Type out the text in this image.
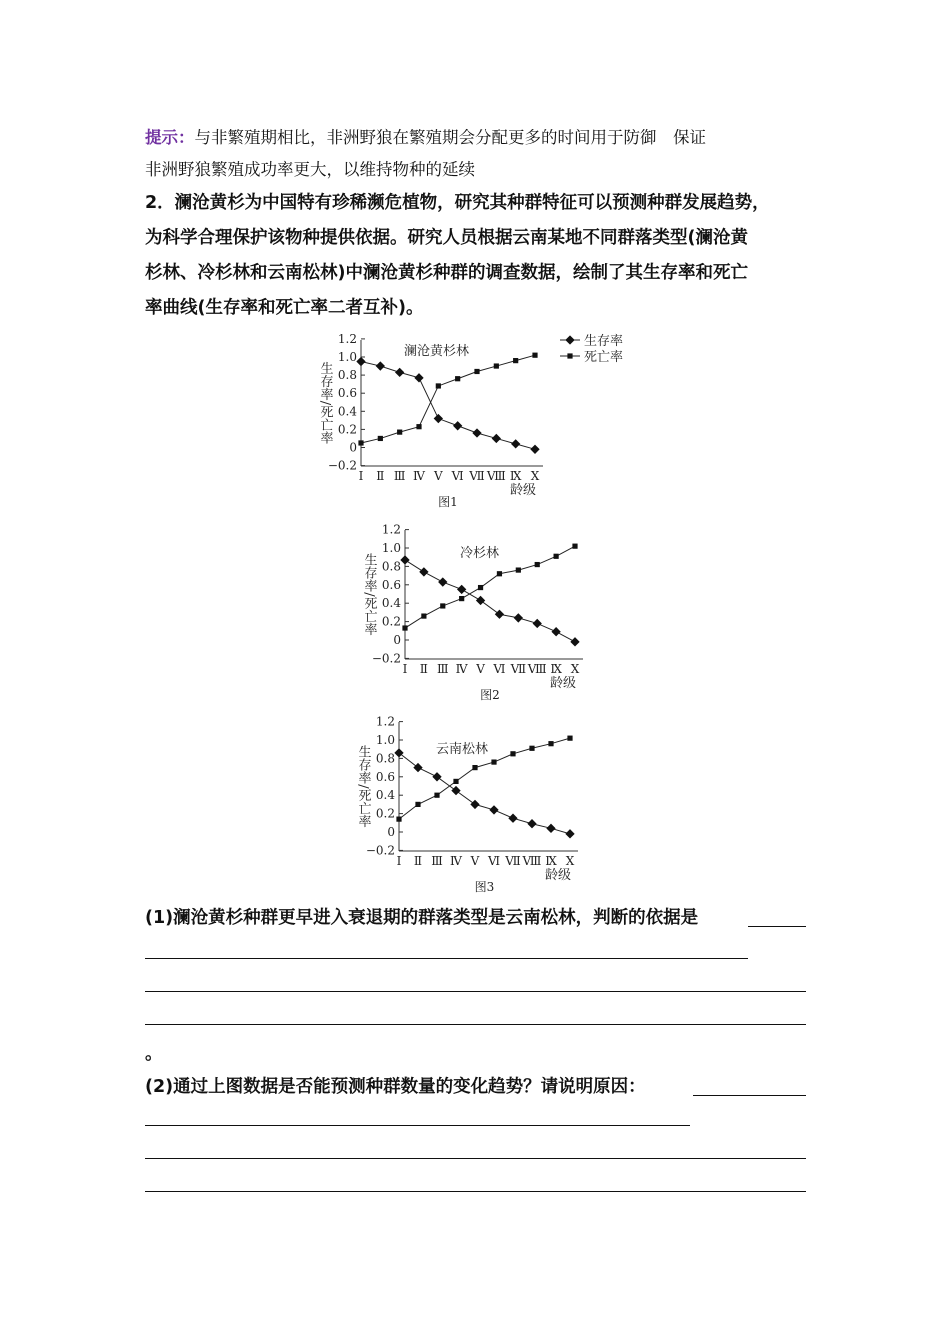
提示：与非繁殖期相比，非洲野狼在繁殖期会分配更多的时间用于防御　保证
非洲野狼繁殖成功率更大，以维持物种的延续
2．澜沧黄杉为中国特有珍稀濒危植物，研究其种群特征可以预测种群发展趋势，
为科学合理保护该物种提供依据。研究人员根据云南某地不同群落类型(澜沧黄
杉林、冷杉林和云南松林)中澜沧黄杉种群的调查数据，绘制了其生存率和死亡
率曲线(生存率和死亡率二者互补)。
1.2
1.0
0.8
0.6
0.4
0.2
0
−0.2
生存率/死亡率
Ⅰ Ⅱ Ⅲ Ⅳ Ⅴ Ⅵ Ⅶ Ⅷ Ⅸ Ⅹ
龄级
图1
澜沧黄杉林
生存率
死亡率
1.2
1.0
0.8
0.6
0.4
0.2
0
−0.2
生存率/死亡率
Ⅰ Ⅱ Ⅲ Ⅳ Ⅴ Ⅵ Ⅶ Ⅷ Ⅸ Ⅹ
龄级
图2
冷杉林
1.2
1.0
0.8
0.6
0.4
0.2
0
−0.2
生存率/死亡率
Ⅰ Ⅱ Ⅲ Ⅳ Ⅴ Ⅵ Ⅶ Ⅷ Ⅸ Ⅹ
龄级
图3
云南松林
(1)澜沧黄杉种群更早进入衰退期的群落类型是云南松林，判断的依据是
。
(2)通过上图数据是否能预测种群数量的变化趋势？请说明原因：
